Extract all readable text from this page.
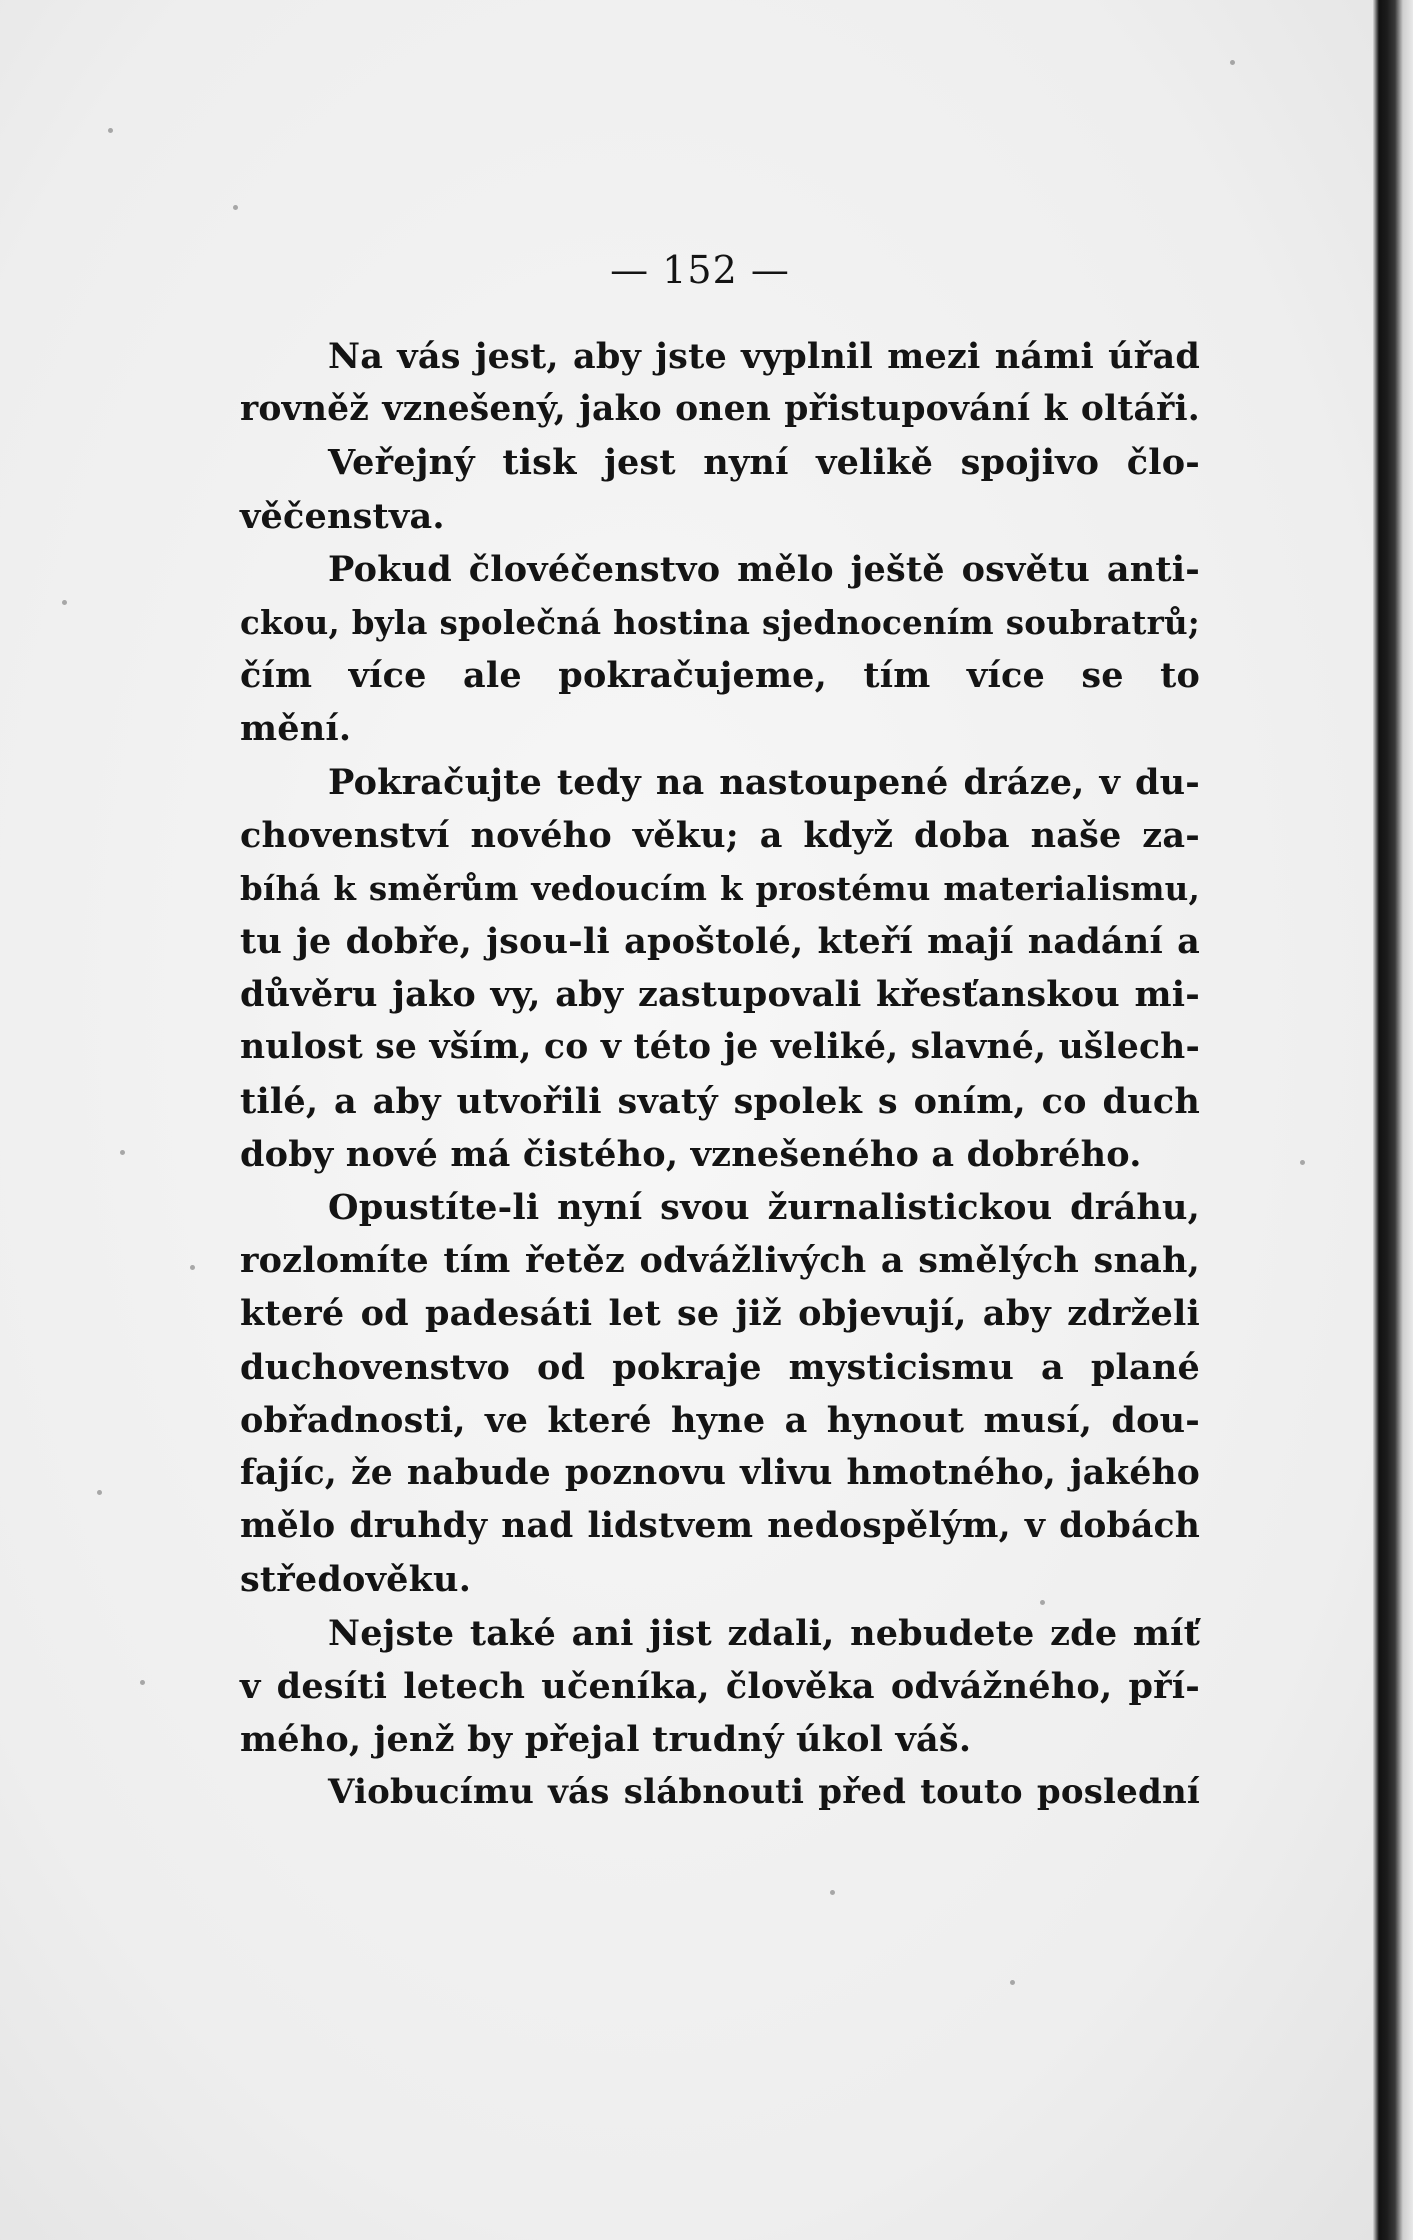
— 152 —
Na vás jest, aby jste vyplnil mezi námi úřad
rovněž vznešený, jako onen přistupování k oltáři.
Veřejný tisk jest nyní velikě spojivo člo-
věčenstva.
Pokud človéčenstvo mělo ještě osvětu anti-
ckou, byla společná hostina sjednocením soubratrů;
čím více ale pokračujeme, tím více se to
mění.
Pokračujte tedy na nastoupené dráze, v du-
chovenství nového věku; a když doba naše za-
bíhá k směrům vedoucím k prostému materialismu,
tu je dobře, jsou-li apoštolé, kteří mají nadání a
důvěru jako vy, aby zastupovali křesťanskou mi-
nulost se vším, co v této je veliké, slavné, ušlech-
tilé, a aby utvořili svatý spolek s oním, co duch
doby nové má čistého, vznešeného a dobrého.
Opustíte-li nyní svou žurnalistickou dráhu,
rozlomíte tím řetěz odvážlivých a smělých snah,
které od padesáti let se již objevují, aby zdrželi
duchovenstvo od pokraje mysticismu a plané
obřadnosti, ve které hyne a hynout musí, dou-
fajíc, že nabude poznovu vlivu hmotného, jakého
mělo druhdy nad lidstvem nedospělým, v dobách
středověku.
Nejste také ani jist zdali, nebudete zde míť
v desíti letech učeníka, člověka odvážného, pří-
mého, jenž by přejal trudný úkol váš.
Viobucímu vás slábnouti před touto poslední
